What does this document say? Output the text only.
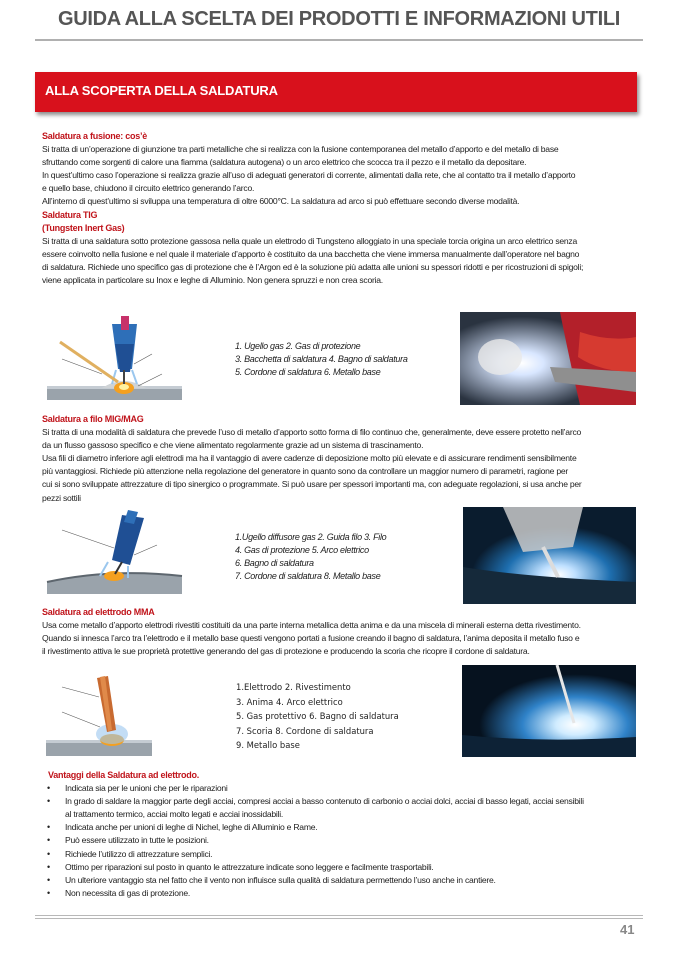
GUIDA ALLA SCELTA DEI PRODOTTI E INFORMAZIONI UTILI
ALLA SCOPERTA DELLA SALDATURA

Saldatura a fusione: cos’è

Si tratta di un’operazione di giunzione tra parti metalliche che si realizza con la fusione contemporanea del metallo d’apporto e del metallo di base

sfruttando come sorgenti di calore una fiamma (saldatura autogena) o un arco elettrico che scocca tra il pezzo e il metallo da depositare.

In quest’ultimo caso l’operazione si realizza grazie all’uso di adeguati generatori di corrente, alimentati dalla rete, che al contatto tra il metallo d’apporto

e quello base, chiudono il circuito elettrico generando l’arco.

All’interno di quest’ultimo si sviluppa una temperatura di oltre 6000°C. La saldatura ad arco si può effettuare secondo diverse modalità.

Saldatura TIG

(Tungsten Inert Gas)

Si tratta di una saldatura sotto protezione gassosa nella quale un elettrodo di Tungsteno alloggiato in una speciale torcia origina un arco elettrico senza

essere coinvolto nella fusione e nel quale il materiale d’apporto è costituito da una bacchetta che viene immersa manualmente dall’operatore nel bagno

di saldatura. Richiede uno specifico gas di protezione che è l’Argon ed è la soluzione più adatta alle unioni su spessori ridotti e per ricostruzioni di spigoli;

viene applicata in particolare su Inox e leghe di Alluminio. Non genera spruzzi e non crea scoria.

1. Ugello gas 2. Gas di protezione

3. Bacchetta di saldatura 4. Bagno di saldatura

5. Cordone di saldatura 6. Metallo base

Saldatura a filo MIG/MAG

Si tratta di una modalità di saldatura che prevede l’uso di metallo d’apporto sotto forma di filo continuo che, generalmente, deve essere protetto nell’arco

da un flusso gassoso specifico e che viene alimentato regolarmente grazie ad un sistema di trascinamento.

Usa fili di diametro inferiore agli elettrodi ma ha il vantaggio di avere cadenze di deposizione molto più elevate e di assicurare rendimenti sensibilmente

più vantaggiosi. Richiede più attenzione nella regolazione del generatore in quanto sono da controllare un maggior numero di parametri, ragione per

cui si sono sviluppate attrezzature di tipo sinergico o programmate. Si può usare per spessori importanti ma, con adeguate regolazioni, si usa anche per

pezzi sottili

1.Ugello diffusore gas 2. Guida filo 3. Filo

4. Gas di protezione 5. Arco elettrico

6. Bagno di saldatura

7. Cordone di saldatura 8. Metallo base

Saldatura ad elettrodo MMA

Usa come metallo d’apporto elettrodi rivestiti costituiti da una parte interna metallica detta anima e da una miscela di minerali esterna detta rivestimento.

Quando si innesca l’arco tra l’elettrodo e il metallo base questi vengono portati a fusione creando il bagno di saldatura, l’anima deposita il metallo fuso e

il rivestimento attiva le sue proprietà protettive generando del gas di protezione e producendo la scoria che ricopre il cordone di saldatura.

1.Elettrodo 2. Rivestimento

3. Anima 4. Arco elettrico

5. Gas protettivo 6. Bagno di saldatura

7. Scoria 8. Cordone di saldatura

9. Metallo base

Vantaggi della Saldatura ad elettrodo.

• Indicata sia per le unioni che per le riparazioni
• In grado di saldare la maggior parte degli acciai, compresi acciai a basso contenuto di carbonio o acciai dolci, acciai di basso legati, acciai sensibili
al trattamento termico, acciai molto legati e acciai inossidabili.
• Indicata anche per unioni di leghe di Nichel, leghe di Alluminio e Rame.
• Può essere utilizzato in tutte le posizioni.
• Richiede l’utilizzo di attrezzature semplici.
• Ottimo per riparazioni sul posto in quanto le attrezzature indicate sono leggere e facilmente trasportabili.
• Un ulteriore vantaggio sta nel fatto che il vento non influisce sulla qualità di saldatura permettendo l’uso anche in cantiere.
• Non necessita di gas di protezione.
41
